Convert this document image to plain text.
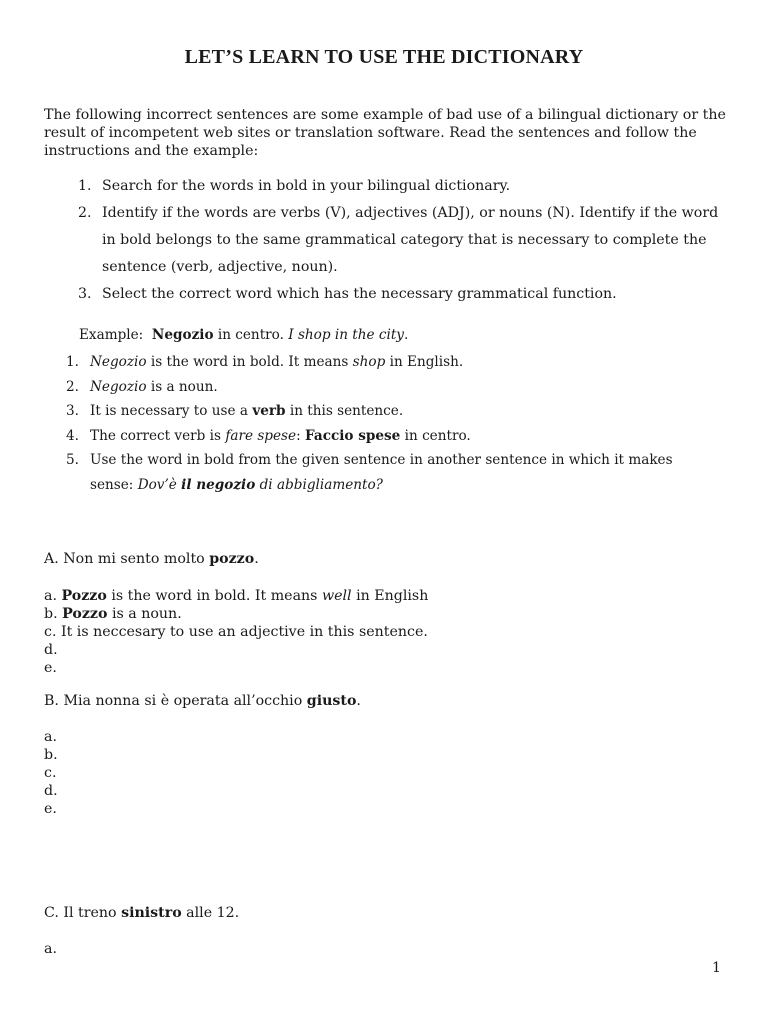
LET’S LEARN TO USE THE DICTIONARY
The following incorrect sentences are some example of bad use of a bilingual dictionary or the result of incompetent web sites or translation software. Read the sentences and follow the instructions and the example:
1. Search for the words in bold in your bilingual dictionary.
2. Identify if the words are verbs (V), adjectives (ADJ), or nouns (N). Identify if the word in bold belongs to the same grammatical category that is necessary to complete the sentence (verb, adjective, noun).
3. Select the correct word which has the necessary grammatical function.
Example: Negozio in centro. I shop in the city.
1. Negozio is the word in bold. It means shop in English.
2. Negozio is a noun.
3. It is necessary to use a verb in this sentence.
4. The correct verb is fare spese: Faccio spese in centro.
5. Use the word in bold from the given sentence in another sentence in which it makes sense: Dov’è il negozio di abbigliamento?
A. Non mi sento molto pozzo.
a. Pozzo is the word in bold. It means well in English
b. Pozzo is a noun.
c. It is neccesary to use an adjective in this sentence.
d.
e.
B. Mia nonna si è operata all’occhio giusto.
a.
b.
c.
d.
e.
C. Il treno sinistro alle 12.
a.
1
